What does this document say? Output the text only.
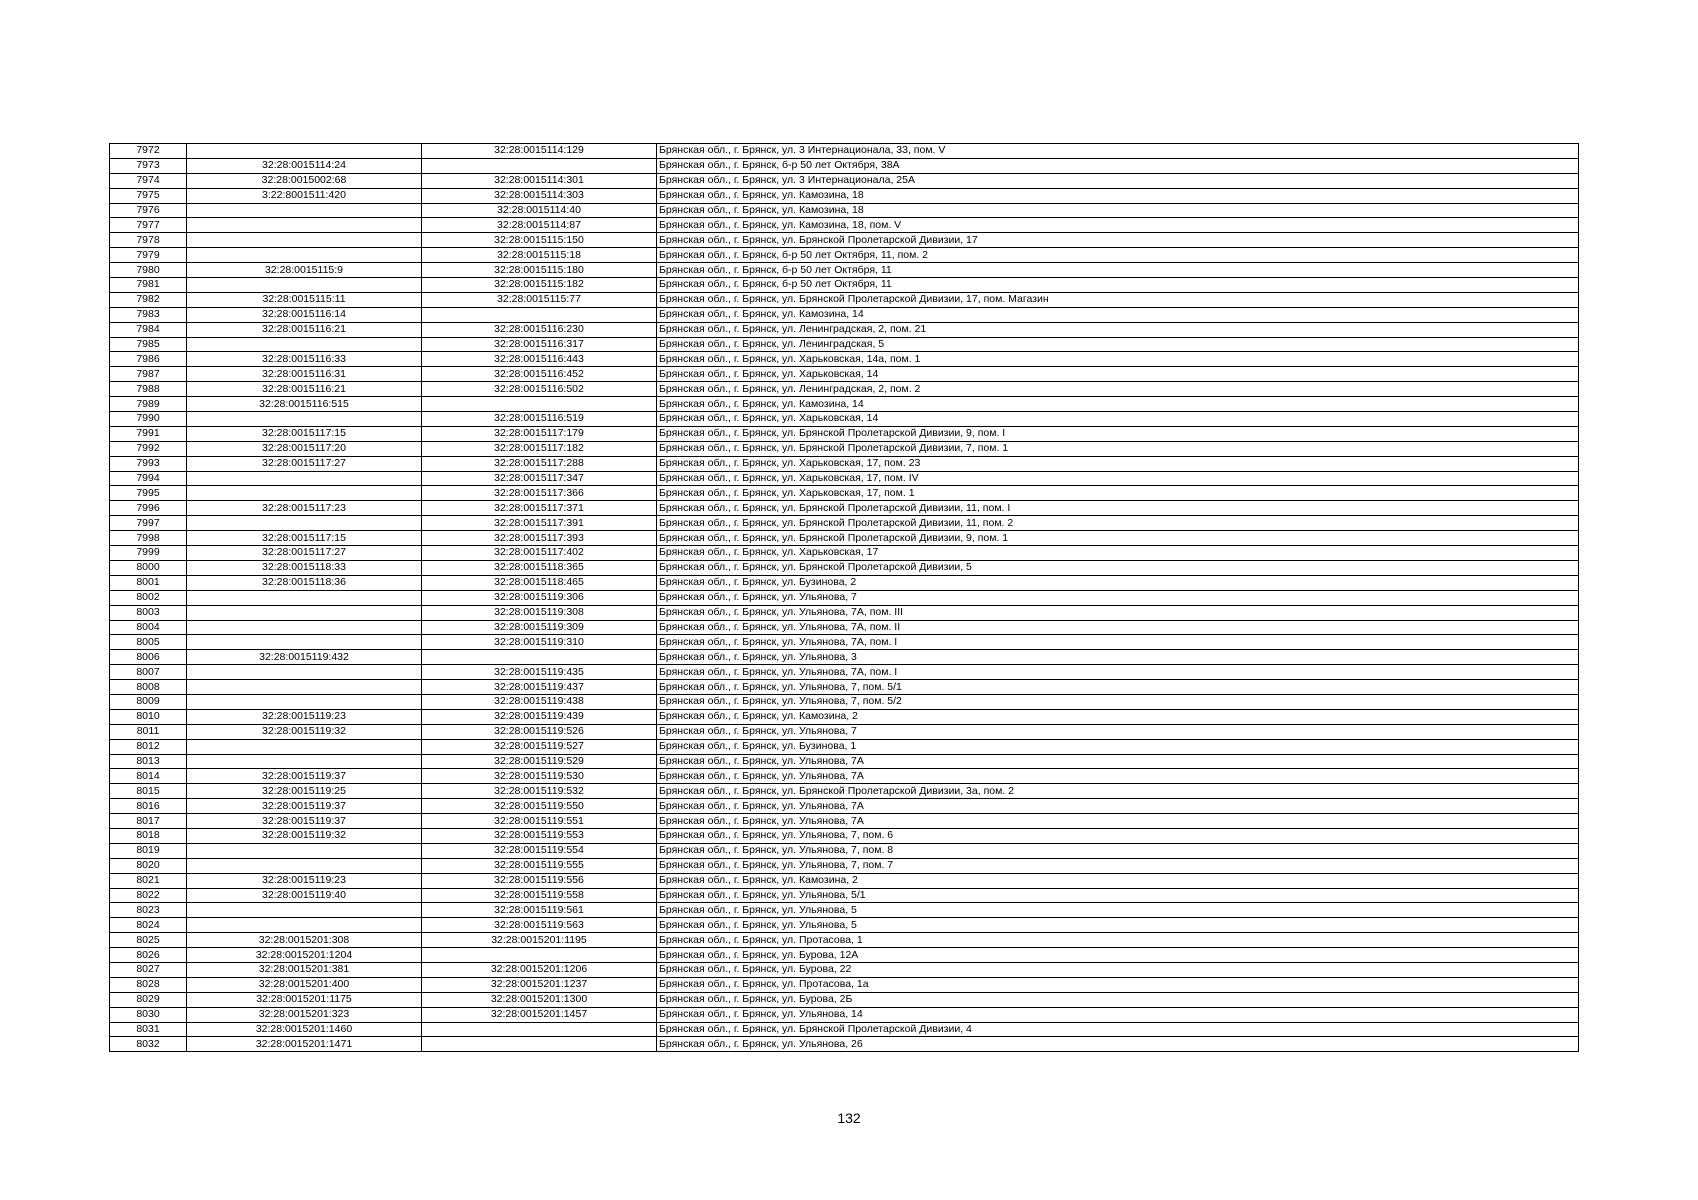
7972		32:28:0015114:129	Брянская обл., г. Брянск, ул. 3 Интернационала, 33, пом. V
7973	32:28:0015114:24		Брянская обл., г. Брянск, б-р 50 лет Октября, 38А
7974	32:28:0015002:68	32:28:0015114:301	Брянская обл., г. Брянск, ул. 3 Интернационала, 25А
7975	3:22:8001511:420	32:28:0015114:303	Брянская обл., г. Брянск, ул. Камозина, 18
7976		32:28:0015114:40	Брянская обл., г. Брянск, ул. Камозина, 18
7977		32:28:0015114:87	Брянская обл., г. Брянск, ул. Камозина, 18, пом. V
7978		32:28:0015115:150	Брянская обл., г. Брянск, ул. Брянской Пролетарской Дивизии, 17
7979		32:28:0015115:18	Брянская обл., г. Брянск, б-р 50 лет Октября, 11, пом. 2
7980	32:28:0015115:9	32:28:0015115:180	Брянская обл., г. Брянск, б-р 50 лет Октября, 11
7981		32:28:0015115:182	Брянская обл., г. Брянск, б-р 50 лет Октября, 11
7982	32:28:0015115:11	32:28:0015115:77	Брянская обл., г. Брянск, ул. Брянской Пролетарской Дивизии, 17, пом. Магазин
7983	32:28:0015116:14		Брянская обл., г. Брянск, ул. Камозина, 14
7984	32:28:0015116:21	32:28:0015116:230	Брянская обл., г. Брянск, ул. Ленинградская, 2, пом. 21
7985		32:28:0015116:317	Брянская обл., г. Брянск, ул. Ленинградская, 5
7986	32:28:0015116:33	32:28:0015116:443	Брянская обл., г. Брянск, ул. Харьковская, 14а, пом. 1
7987	32:28:0015116:31	32:28:0015116:452	Брянская обл., г. Брянск, ул. Харьковская, 14
7988	32:28:0015116:21	32:28:0015116:502	Брянская обл., г. Брянск, ул. Ленинградская, 2, пом. 2
7989	32:28:0015116:515		Брянская обл., г. Брянск, ул. Камозина, 14
7990		32:28:0015116:519	Брянская обл., г. Брянск, ул. Харьковская, 14
7991	32:28:0015117:15	32:28:0015117:179	Брянская обл., г. Брянск, ул. Брянской Пролетарской Дивизии, 9, пом. I
7992	32:28:0015117:20	32:28:0015117:182	Брянская обл., г. Брянск, ул. Брянской Пролетарской Дивизии, 7, пом. 1
7993	32:28:0015117:27	32:28:0015117:288	Брянская обл., г. Брянск, ул. Харьковская, 17, пом. 23
7994		32:28:0015117:347	Брянская обл., г. Брянск, ул. Харьковская, 17, пом. IV
7995		32:28:0015117:366	Брянская обл., г. Брянск, ул. Харьковская, 17, пом. 1
7996	32:28:0015117:23	32:28:0015117:371	Брянская обл., г. Брянск, ул. Брянской Пролетарской Дивизии, 11, пом. I
7997		32:28:0015117:391	Брянская обл., г. Брянск, ул. Брянской Пролетарской Дивизии, 11, пом. 2
7998	32:28:0015117:15	32:28:0015117:393	Брянская обл., г. Брянск, ул. Брянской Пролетарской Дивизии, 9, пом. 1
7999	32:28:0015117:27	32:28:0015117:402	Брянская обл., г. Брянск, ул. Харьковская, 17
8000	32:28:0015118:33	32:28:0015118:365	Брянская обл., г. Брянск, ул. Брянской Пролетарской Дивизии, 5
8001	32:28:0015118:36	32:28:0015118:465	Брянская обл., г. Брянск, ул. Бузинова, 2
8002		32:28:0015119:306	Брянская обл., г. Брянск, ул. Ульянова, 7
8003		32:28:0015119:308	Брянская обл., г. Брянск, ул. Ульянова, 7А, пом. III
8004		32:28:0015119:309	Брянская обл., г. Брянск, ул. Ульянова, 7А, пом. II
8005		32:28:0015119:310	Брянская обл., г. Брянск, ул. Ульянова, 7А, пом. I
8006	32:28:0015119:432		Брянская обл., г. Брянск, ул. Ульянова, 3
8007		32:28:0015119:435	Брянская обл., г. Брянск, ул. Ульянова, 7А, пом. I
8008		32:28:0015119:437	Брянская обл., г. Брянск, ул. Ульянова, 7, пом. 5/1
8009		32:28:0015119:438	Брянская обл., г. Брянск, ул. Ульянова, 7, пом. 5/2
8010	32:28:0015119:23	32:28:0015119:439	Брянская обл., г. Брянск, ул. Камозина, 2
8011	32:28:0015119:32	32:28:0015119:526	Брянская обл., г. Брянск, ул. Ульянова, 7
8012		32:28:0015119:527	Брянская обл., г. Брянск, ул. Бузинова, 1
8013		32:28:0015119:529	Брянская обл., г. Брянск, ул. Ульянова, 7А
8014	32:28:0015119:37	32:28:0015119:530	Брянская обл., г. Брянск, ул. Ульянова, 7А
8015	32:28:0015119:25	32:28:0015119:532	Брянская обл., г. Брянск, ул. Брянской Пролетарской Дивизии, 3а, пом. 2
8016	32:28:0015119:37	32:28:0015119:550	Брянская обл., г. Брянск, ул. Ульянова, 7А
8017	32:28:0015119:37	32:28:0015119:551	Брянская обл., г. Брянск, ул. Ульянова, 7А
8018	32:28:0015119:32	32:28:0015119:553	Брянская обл., г. Брянск, ул. Ульянова, 7, пом. 6
8019		32:28:0015119:554	Брянская обл., г. Брянск, ул. Ульянова, 7, пом. 8
8020		32:28:0015119:555	Брянская обл., г. Брянск, ул. Ульянова, 7, пом. 7
8021	32:28:0015119:23	32:28:0015119:556	Брянская обл., г. Брянск, ул. Камозина, 2
8022	32:28:0015119:40	32:28:0015119:558	Брянская обл., г. Брянск, ул. Ульянова, 5/1
8023		32:28:0015119:561	Брянская обл., г. Брянск, ул. Ульянова, 5
8024		32:28:0015119:563	Брянская обл., г. Брянск, ул. Ульянова, 5
8025	32:28:0015201:308	32:28:0015201:1195	Брянская обл., г. Брянск, ул. Протасова, 1
8026	32:28:0015201:1204		Брянская обл., г. Брянск, ул. Бурова, 12А
8027	32:28:0015201:381	32:28:0015201:1206	Брянская обл., г. Брянск, ул. Бурова, 22
8028	32:28:0015201:400	32:28:0015201:1237	Брянская обл., г. Брянск, ул. Протасова, 1а
8029	32:28:0015201:1175	32:28:0015201:1300	Брянская обл., г. Брянск, ул. Бурова, 2Б
8030	32:28:0015201:323	32:28:0015201:1457	Брянская обл., г. Брянск, ул. Ульянова, 14
8031	32:28:0015201:1460		Брянская обл., г. Брянск, ул. Брянской Пролетарской Дивизии, 4
8032	32:28:0015201:1471		Брянская обл., г. Брянск, ул. Ульянова, 26
132
